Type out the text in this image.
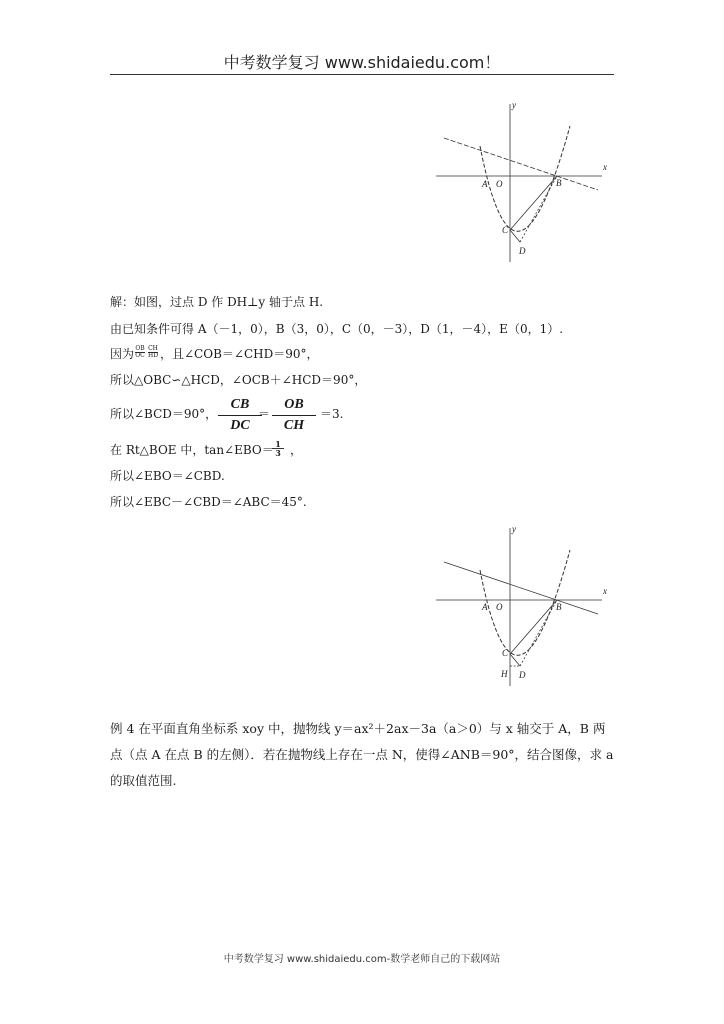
中考数学复习 www.shidaiedu.com！
x
y
A O	B
C
D
解：如图，过点 D 作 DH⊥y 轴于点 H.
由已知条件可得 A（－1，0），B（3，0），C（0，－3），D（1，－4），E（0，1）.
因为 OB
OC
CH
HD ，且∠COB＝∠CHD＝90°，
所以△OBC∽△HCD，∠OCB＋∠HCD＝90°，
所以∠BCD＝90°，
CB
DC
＝
OB
CH
＝3.
在 Rt△BOE 中，tan∠EBO＝ 1
3 ，
所以∠EBO＝∠CBD.
所以∠EBC－∠CBD＝∠ABC＝45°.
x
y
A O	B
C
H D
例 4 在平面直角坐标系 xoy 中，抛物线 y＝ax²＋2ax－3a（a＞0）与 x 轴交于 A，B 两点（点 A 在点 B 的左侧）．若在抛物线上存在一点 N，使得∠ANB＝90°，结合图像，求 a 的取值范围.
中考数学复习 www.shidaiedu.com-数学老师自己的下载网站
